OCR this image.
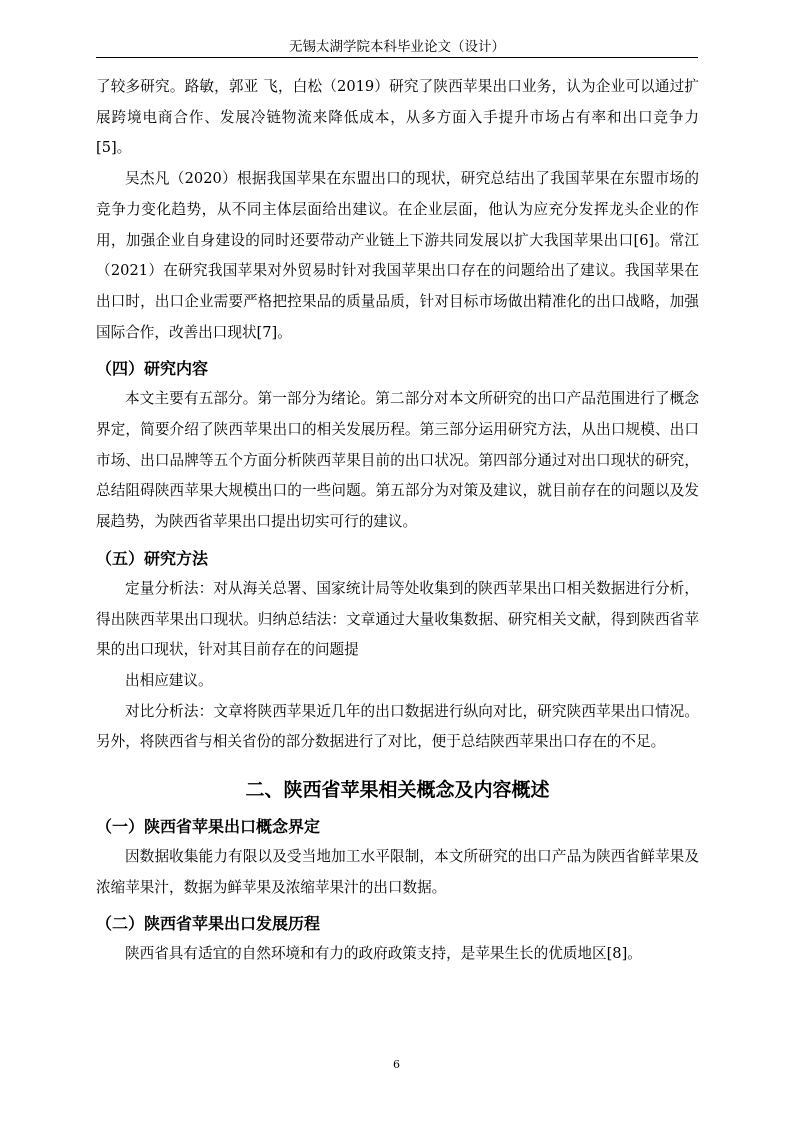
无锡太湖学院本科毕业论文（设计）

了较多研究。路敏，郭亚 飞，白松（2019）研究了陕西苹果出口业务，认为企业可以通过扩展跨境电商合作、发展冷链物流来降低成本，从多方面入手提升市场占有率和出口竞争力[5]。

吴杰凡（2020）根据我国苹果在东盟出口的现状，研究总结出了我国苹果在东盟市场的竞争力变化趋势，从不同主体层面给出建议。在企业层面，他认为应充分发挥龙头企业的作用，加强企业自身建设的同时还要带动产业链上下游共同发展以扩大我国苹果出口[6]。常江（2021）在研究我国苹果对外贸易时针对我国苹果出口存在的问题给出了建议。我国苹果在出口时，出口企业需要严格把控果品的质量品质，针对目标市场做出精准化的出口战略，加强国际合作，改善出口现状[7]。

（四）研究内容

本文主要有五部分。第一部分为绪论。第二部分对本文所研究的出口产品范围进行了概念界定，简要介绍了陕西苹果出口的相关发展历程。第三部分运用研究方法，从出口规模、出口市场、出口品牌等五个方面分析陕西苹果目前的出口状况。第四部分通过对出口现状的研究，总结阻碍陕西苹果大规模出口的一些问题。第五部分为对策及建议，就目前存在的问题以及发展趋势，为陕西省苹果出口提出切实可行的建议。

（五）研究方法

定量分析法：对从海关总署、国家统计局等处收集到的陕西苹果出口相关数据进行分析，得出陕西苹果出口现状。归纳总结法：文章通过大量收集数据、研究相关文献，得到陕西省苹果的出口现状，针对其目前存在的问题提

出相应建议。

对比分析法：文章将陕西苹果近几年的出口数据进行纵向对比，研究陕西苹果出口情况。另外，将陕西省与相关省份的部分数据进行了对比，便于总结陕西苹果出口存在的不足。

二、陕西省苹果相关概念及内容概述
（一）陕西省苹果出口概念界定

因数据收集能力有限以及受当地加工水平限制，本文所研究的出口产品为陕西省鲜苹果及浓缩苹果汁，数据为鲜苹果及浓缩苹果汁的出口数据。

（二）陕西省苹果出口发展历程

陕西省具有适宜的自然环境和有力的政府政策支持，是苹果生长的优质地区[8]。

6
